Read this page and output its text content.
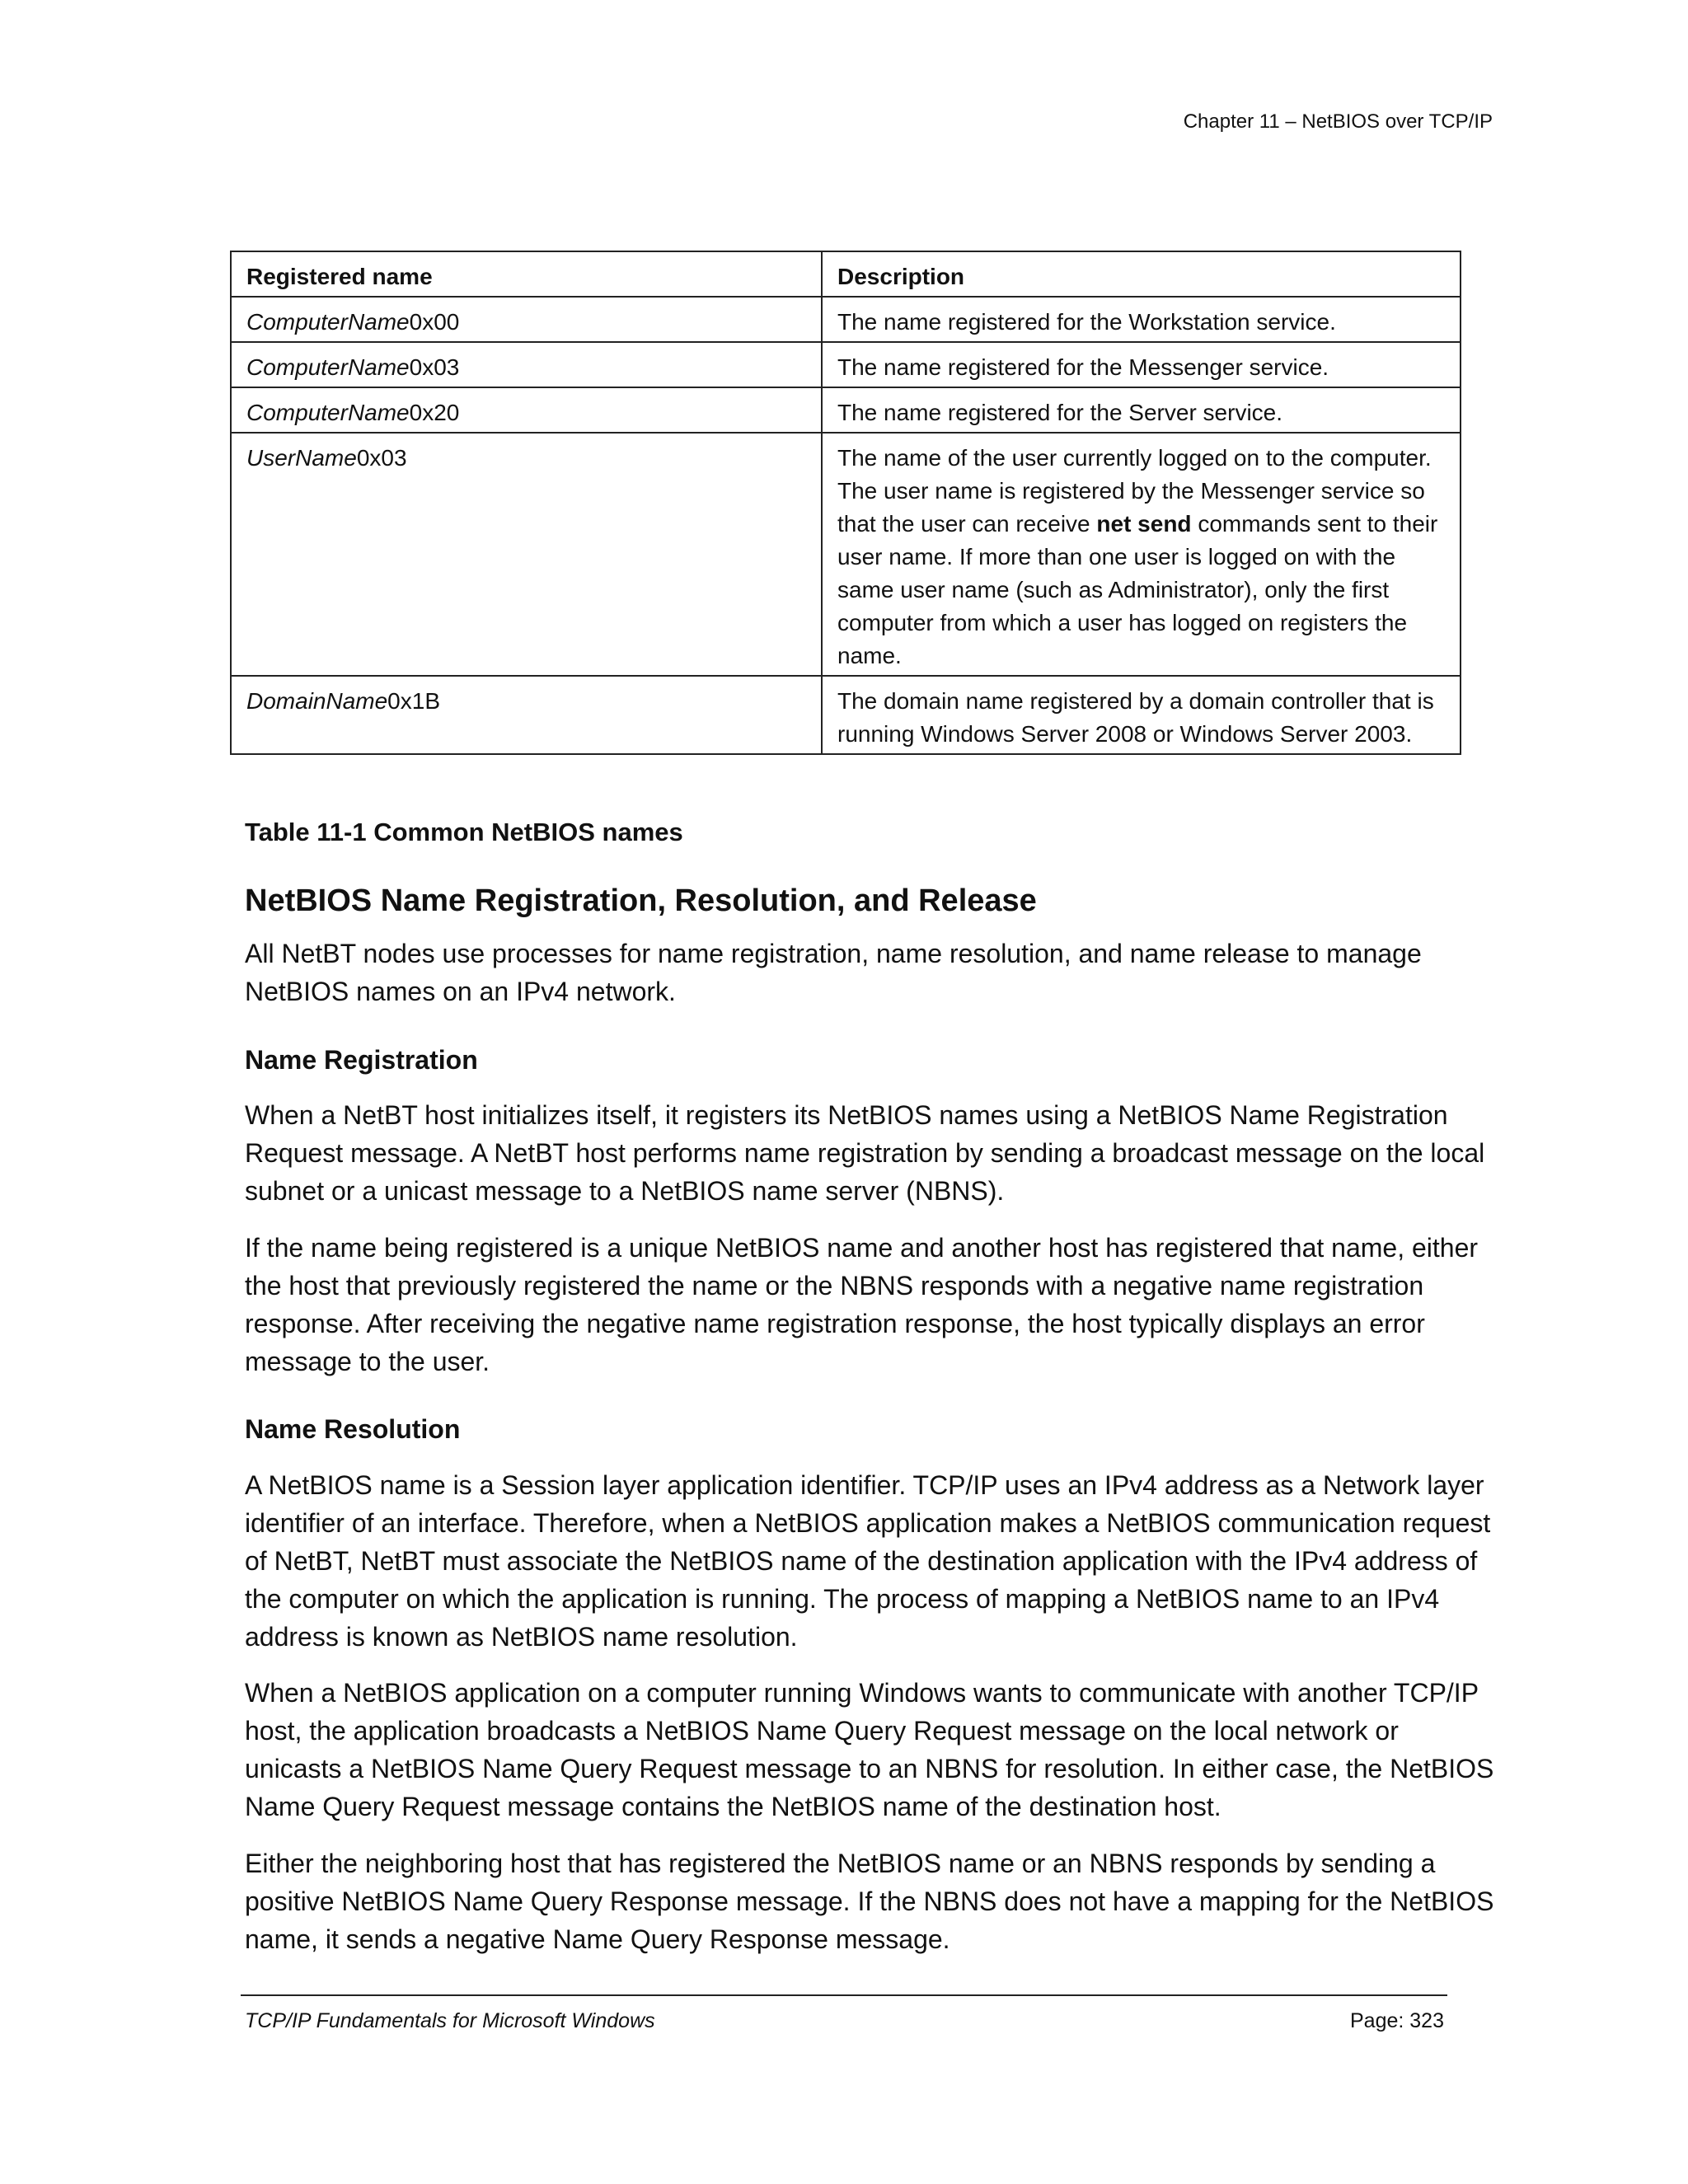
Chapter 11 – NetBIOS over TCP/IP
Registered name	Description
ComputerName0x00	The name registered for the Workstation service.
ComputerName0x03	The name registered for the Messenger service.
ComputerName0x20	The name registered for the Server service.
UserName0x03	The name of the user currently logged on to the computer. The user name is registered by the Messenger service so that the user can receive net send commands sent to their user name. If more than one user is logged on with the same user name (such as Administrator), only the first computer from which a user has logged on registers the name.
DomainName0x1B	The domain name registered by a domain controller that is running Windows Server 2008 or Windows Server 2003.

Table 11-1 Common NetBIOS names

NetBIOS Name Registration, Resolution, and Release

All NetBT nodes use processes for name registration, name resolution, and name release to manage NetBIOS names on an IPv4 network.

Name Registration

When a NetBT host initializes itself, it registers its NetBIOS names using a NetBIOS Name Registration Request message. A NetBT host performs name registration by sending a broadcast message on the local subnet or a unicast message to a NetBIOS name server (NBNS).

If the name being registered is a unique NetBIOS name and another host has registered that name, either the host that previously registered the name or the NBNS responds with a negative name registration response. After receiving the negative name registration response, the host typically displays an error message to the user.

Name Resolution

A NetBIOS name is a Session layer application identifier. TCP/IP uses an IPv4 address as a Network layer identifier of an interface. Therefore, when a NetBIOS application makes a NetBIOS communication request of NetBT, NetBT must associate the NetBIOS name of the destination application with the IPv4 address of the computer on which the application is running. The process of mapping a NetBIOS name to an IPv4 address is known as NetBIOS name resolution.

When a NetBIOS application on a computer running Windows wants to communicate with another TCP/IP host, the application broadcasts a NetBIOS Name Query Request message on the local network or unicasts a NetBIOS Name Query Request message to an NBNS for resolution. In either case, the NetBIOS Name Query Request message contains the NetBIOS name of the destination host.

Either the neighboring host that has registered the NetBIOS name or an NBNS responds by sending a positive NetBIOS Name Query Response message. If the NBNS does not have a mapping for the NetBIOS name, it sends a negative Name Query Response message.

TCP/IP Fundamentals for Microsoft Windows	Page: 323
